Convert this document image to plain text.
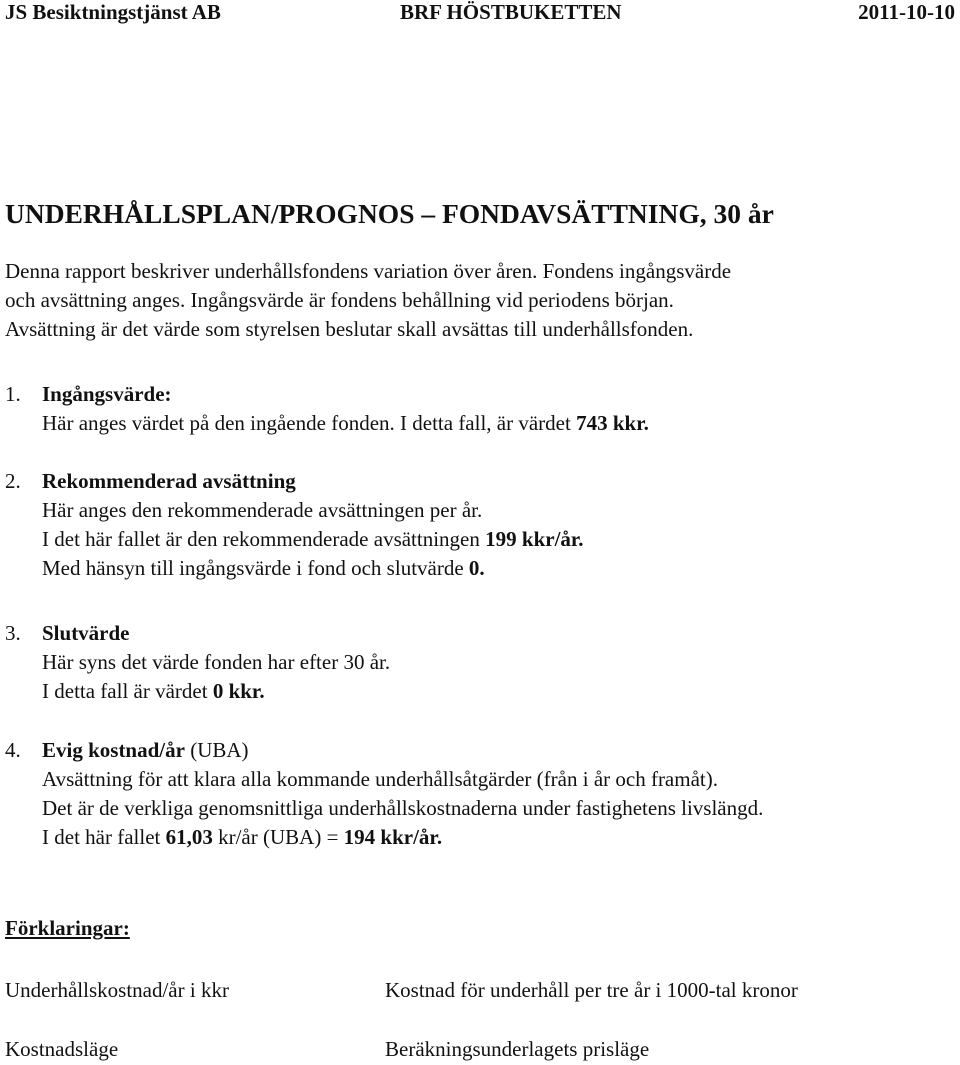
JS Besiktningstjänst AB	BRF HÖSTBUKETTEN	2011-10-10
UNDERHÅLLSPLAN/PROGNOS – FONDAVSÄTTNING, 30 år
Denna rapport beskriver underhållsfondens variation över åren. Fondens ingångsvärde
och avsättning anges. Ingångsvärde är fondens behållning vid periodens början.
Avsättning är det värde som styrelsen beslutar skall avsättas till underhållsfonden.
1. Ingångsvärde:
Här anges värdet på den ingående fonden. I detta fall, är värdet 743 kkr.
2. Rekommenderad avsättning
Här anges den rekommenderade avsättningen per år.
I det här fallet är den rekommenderade avsättningen 199 kkr/år.
Med hänsyn till ingångsvärde i fond och slutvärde 0.
3. Slutvärde
Här syns det värde fonden har efter 30 år.
I detta fall är värdet 0 kkr.
4. Evig kostnad/år (UBA)
Avsättning för att klara alla kommande underhållsåtgärder (från i år och framåt).
Det är de verkliga genomsnittliga underhållskostnaderna under fastighetens livslängd.
I det här fallet 61,03 kr/år (UBA) = 194 kkr/år.
Förklaringar:
Underhållskostnad/år i kkr	Kostnad för underhåll per tre år i 1000-tal kronor
Kostnadsläge	Beräkningsunderlagets prisläge
